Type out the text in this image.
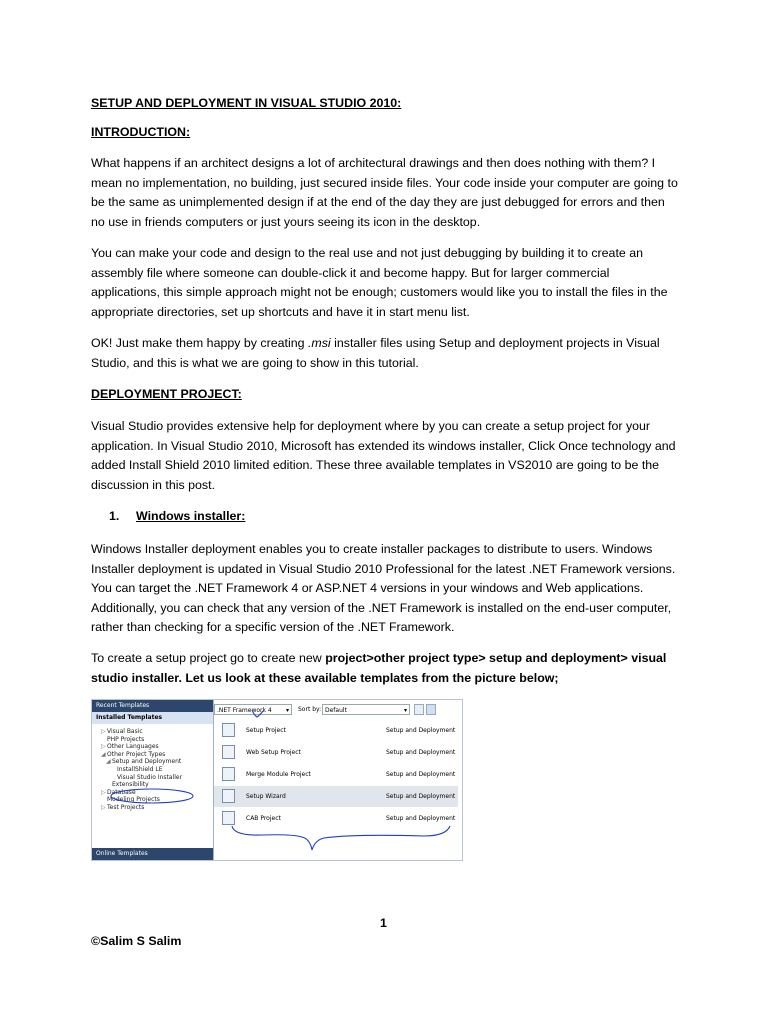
SETUP AND DEPLOYMENT IN VISUAL STUDIO 2010:

INTRODUCTION:

What happens if an architect designs a lot of architectural drawings and then does nothing with them? I mean no implementation, no building, just secured inside files. Your code inside your computer are going to be the same as unimplemented design if at the end of the day they are just debugged for errors and then no use in friends computers or just yours seeing its icon in the desktop.

You can make your code and design to the real use and not just debugging by building it to create an assembly file where someone can double-click it and become happy. But for larger commercial applications, this simple approach might not be enough; customers would like you to install the files in the appropriate directories, set up shortcuts and have it in start menu list.

OK! Just make them happy by creating .msi installer files using Setup and deployment projects in Visual Studio, and this is what we are going to show in this tutorial.

DEPLOYMENT PROJECT:

Visual Studio provides extensive help for deployment where by you can create a setup project for your application. In Visual Studio 2010, Microsoft has extended its windows installer, Click Once technology and added Install Shield 2010 limited edition. These three available templates in VS2010 are going to be the discussion in this post.

1. Windows installer:

Windows Installer deployment enables you to create installer packages to distribute to users. Windows Installer deployment is updated in Visual Studio 2010 Professional for the latest .NET Framework versions. You can target the .NET Framework 4 or ASP.NET 4 versions in your windows and Web applications. Additionally, you can check that any version of the .NET Framework is installed on the end-user computer, rather than checking for a specific version of the .NET Framework.

To create a setup project go to create new project>other project type> setup and deployment> visual studio installer. Let us look at these available templates from the picture below;

Recent Templates
Installed Templates
▷Visual Basic
PHP Projects
▷Other Languages
◢Other Project Types
◢Setup and Deployment
InstallShield LE
Visual Studio Installer
Extensibility
▷Database
Modeling Projects
▷Test Projects
Online Templates
.NET Framework 4 ▾ Sort by: Default	▾
Setup Project	Setup and Deployment
Web Setup Project	Setup and Deployment
Merge Module Project	Setup and Deployment
Setup Wizard	Setup and Deployment
CAB Project	Setup and Deployment
1
©Salim S Salim
